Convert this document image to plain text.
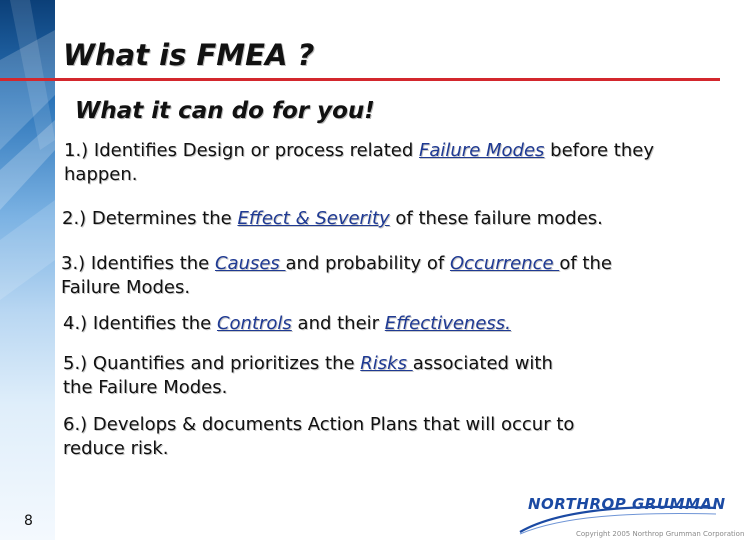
What is FMEA ?
What it can do for you!
1.) Identifies Design or process related Failure Modes before they
happen.
2.) Determines the Effect & Severity of these failure modes.
3.) Identifies the Causes and probability of Occurrence of the
Failure Modes.
4.) Identifies the Controls and their Effectiveness.
5.) Quantifies and prioritizes the Risks associated with
the Failure Modes.
6.) Develops & documents Action Plans that will occur to
reduce risk.
8
NORTHROP GRUMMAN
Copyright 2005 Northrop Grumman Corporation
